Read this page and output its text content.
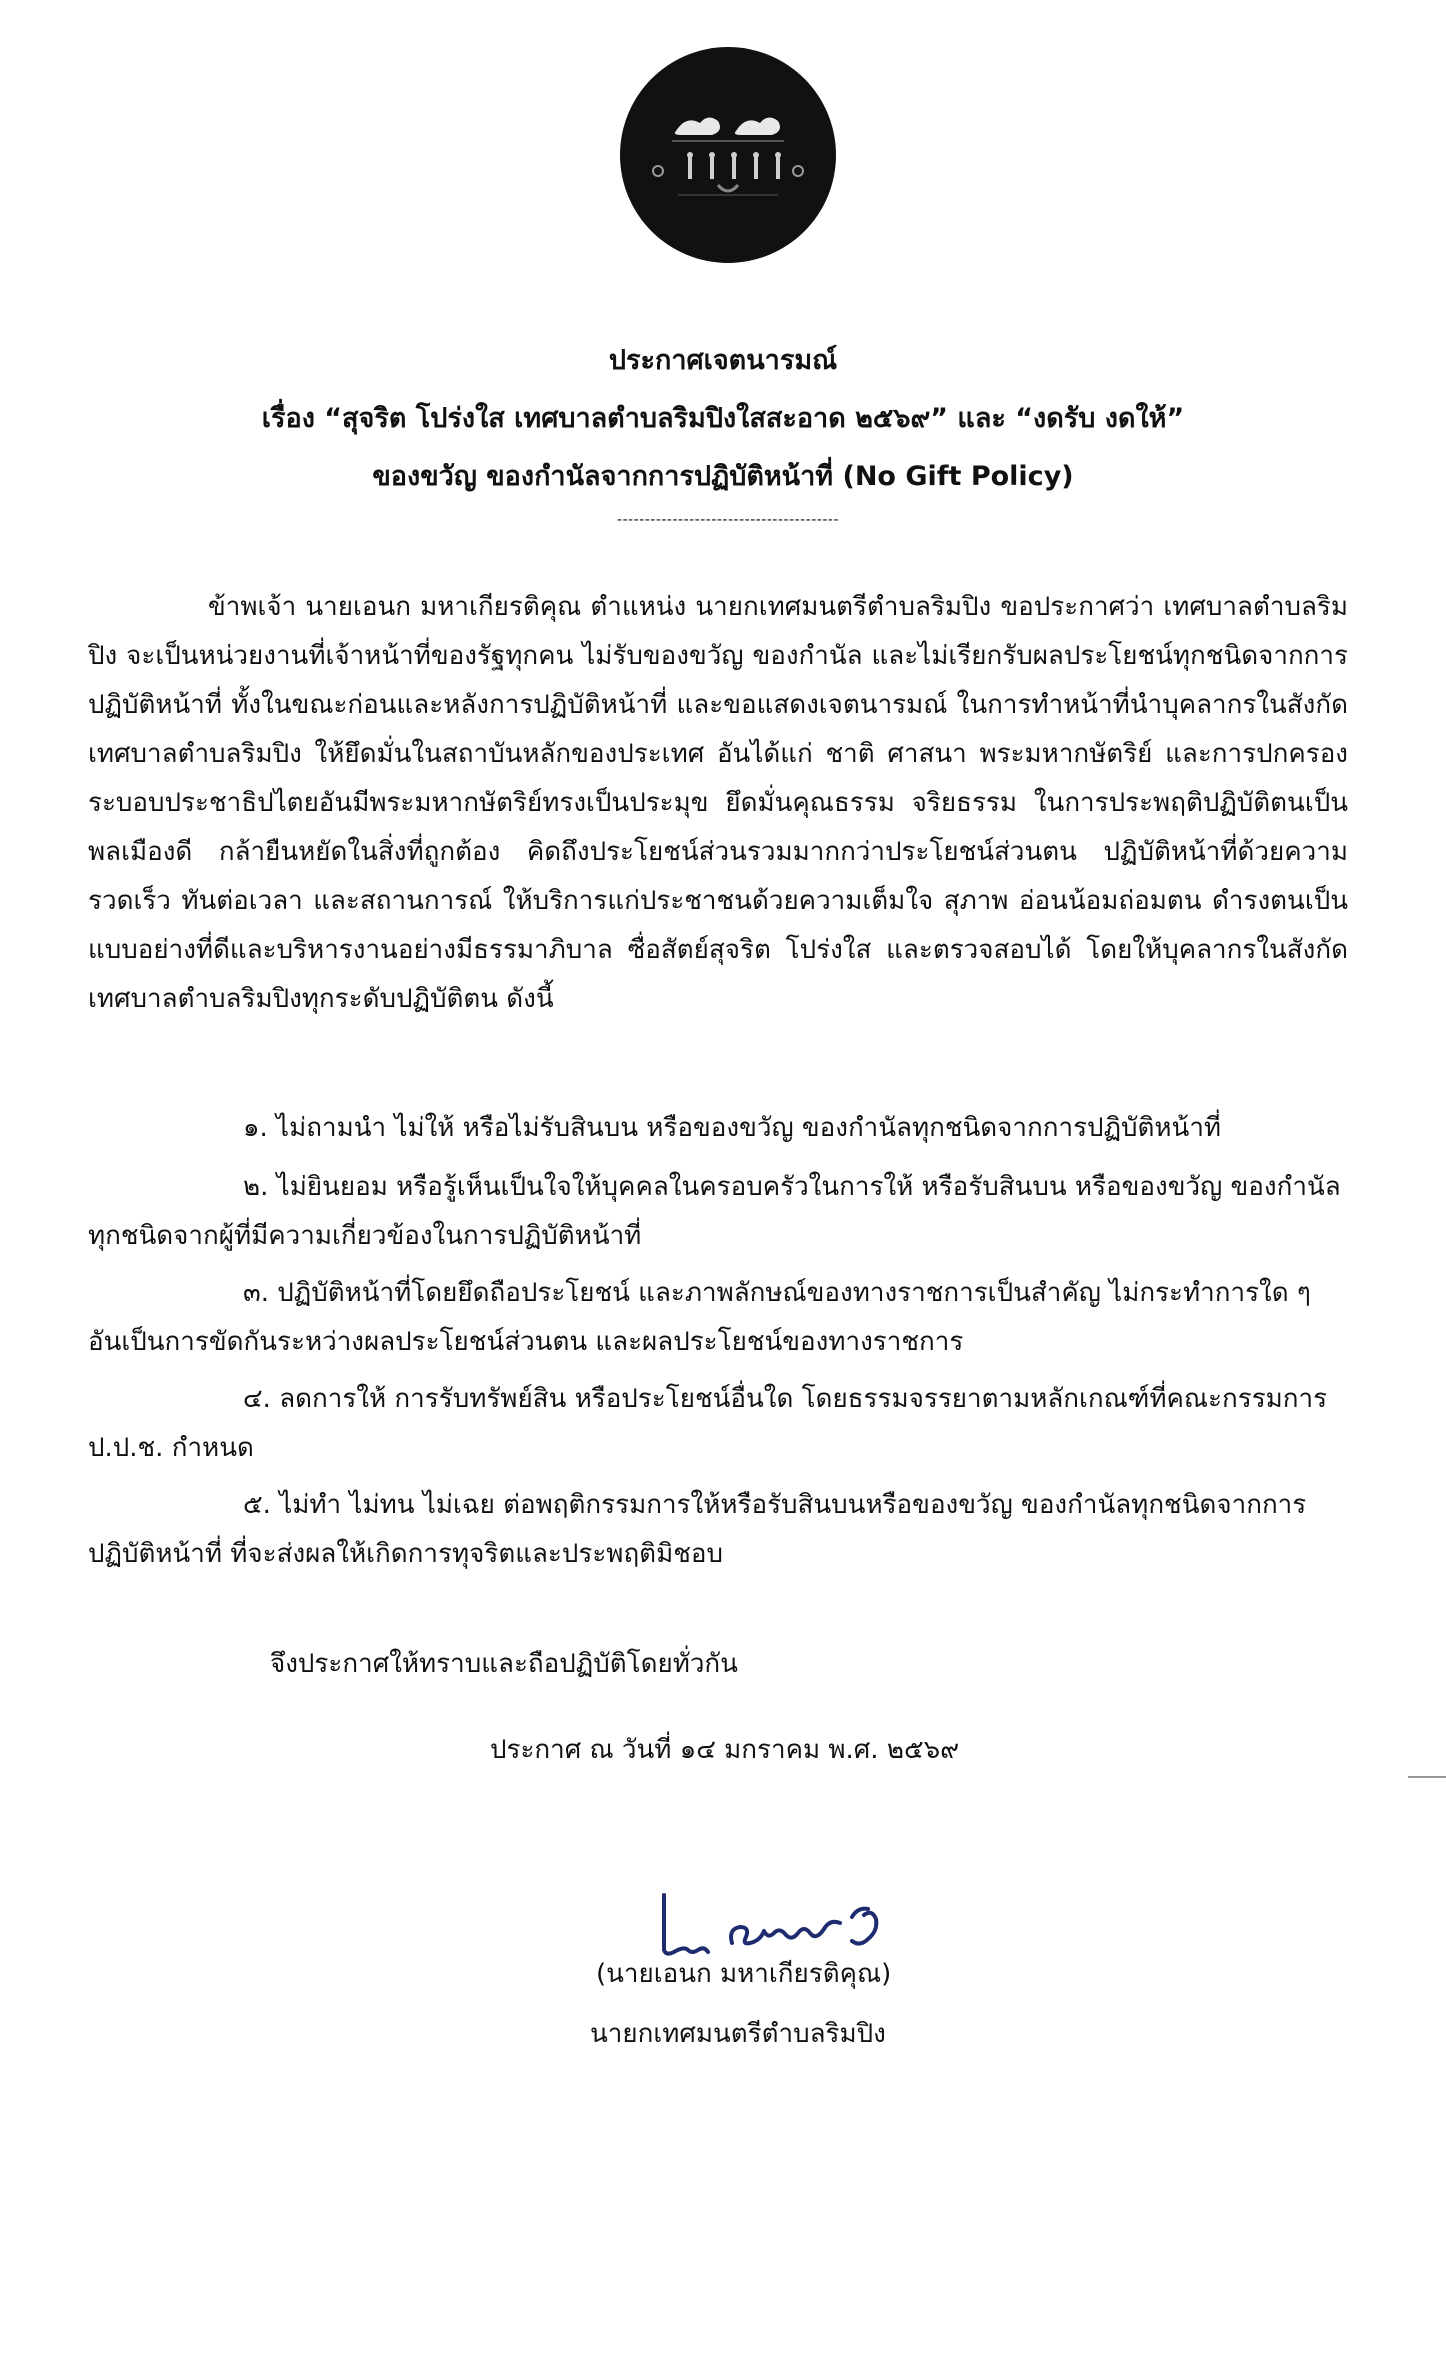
ประกาศเจตนารมณ์
เรื่อง “สุจริต โปร่งใส เทศบาลตำบลริมปิงใสสะอาด ๒๕๖๙” และ “งดรับ งดให้”
ของขวัญ ของกำนัลจากการปฏิบัติหน้าที่ (No Gift Policy)
----------------------------------------
ข้าพเจ้า นายเอนก มหาเกียรติคุณ ตำแหน่ง นายกเทศมนตรีตำบลริมปิง ขอประกาศว่า เทศบาลตำบลริมปิง จะเป็นหน่วยงานที่เจ้าหน้าที่ของรัฐทุกคน ไม่รับของขวัญ ของกำนัล และไม่เรียกรับผลประโยชน์ทุกชนิดจากการปฏิบัติหน้าที่ ทั้งในขณะก่อนและหลังการปฏิบัติหน้าที่ และขอแสดงเจตนารมณ์ ในการทำหน้าที่นำบุคลากรในสังกัด เทศบาลตำบลริมปิง ให้ยึดมั่นในสถาบันหลักของประเทศ อันได้แก่ ชาติ ศาสนา พระมหากษัตริย์ และการปกครองระบอบประชาธิปไตยอันมีพระมหากษัตริย์ทรงเป็นประมุข ยึดมั่นคุณธรรม จริยธรรม ในการประพฤติปฏิบัติตนเป็นพลเมืองดี กล้ายืนหยัดในสิ่งที่ถูกต้อง คิดถึงประโยชน์ส่วนรวมมากกว่าประโยชน์ส่วนตน ปฏิบัติหน้าที่ด้วยความรวดเร็ว ทันต่อเวลา และสถานการณ์ ให้บริการแก่ประชาชนด้วยความเต็มใจ สุภาพ อ่อนน้อมถ่อมตน ดำรงตนเป็นแบบอย่างที่ดีและบริหารงานอย่างมีธรรมาภิบาล ซื่อสัตย์สุจริต โปร่งใส และตรวจสอบได้ โดยให้บุคลากรในสังกัดเทศบาลตำบลริมปิงทุกระดับปฏิบัติตน ดังนี้
๑. ไม่ถามนำ ไม่ให้ หรือไม่รับสินบน หรือของขวัญ ของกำนัลทุกชนิดจากการปฏิบัติหน้าที่
๒. ไม่ยินยอม หรือรู้เห็นเป็นใจให้บุคคลในครอบครัวในการให้ หรือรับสินบน หรือของขวัญ ของกำนัลทุกชนิดจากผู้ที่มีความเกี่ยวข้องในการปฏิบัติหน้าที่
๓. ปฏิบัติหน้าที่โดยยึดถือประโยชน์ และภาพลักษณ์ของทางราชการเป็นสำคัญ ไม่กระทำการใด ๆ อันเป็นการขัดกันระหว่างผลประโยชน์ส่วนตน และผลประโยชน์ของทางราชการ
๔. ลดการให้ การรับทรัพย์สิน หรือประโยชน์อื่นใด โดยธรรมจรรยาตามหลักเกณฑ์ที่คณะกรรมการ ป.ป.ช. กำหนด
๕. ไม่ทำ ไม่ทน ไม่เฉย ต่อพฤติกรรมการให้หรือรับสินบนหรือของขวัญ ของกำนัลทุกชนิดจากการปฏิบัติหน้าที่ ที่จะส่งผลให้เกิดการทุจริตและประพฤติมิชอบ
จึงประกาศให้ทราบและถือปฏิบัติโดยทั่วกัน
ประกาศ ณ วันที่ ๑๔ มกราคม พ.ศ. ๒๕๖๙
(นายเอนก มหาเกียรติคุณ)
นายกเทศมนตรีตำบลริมปิง
